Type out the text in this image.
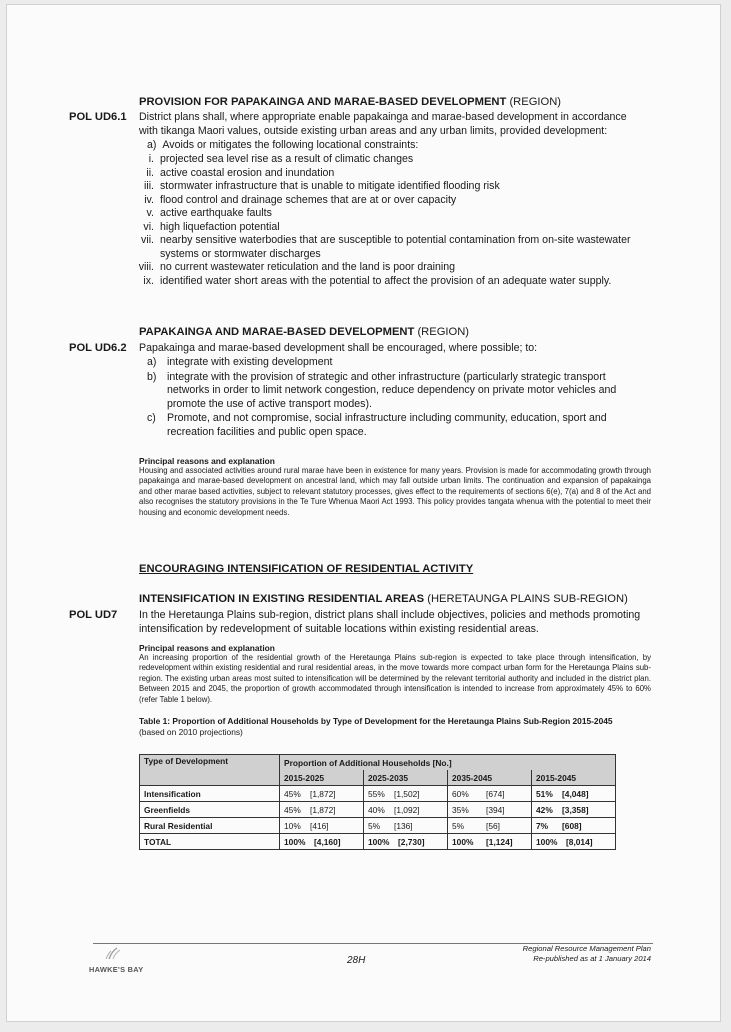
PROVISION FOR PAPAKAINGA AND MARAE-BASED DEVELOPMENT (REGION)
POL UD6.1 District plans shall, where appropriate enable papakainga and marae-based development in accordance
with tikanga Maori values, outside existing urban areas and any urban limits, provided development:
a) Avoids or mitigates the following locational constraints:
i. projected sea level rise as a result of climatic changes
ii. active coastal erosion and inundation
iii. stormwater infrastructure that is unable to mitigate identified flooding risk
iv. flood control and drainage schemes that are at or over capacity
v. active earthquake faults
vi. high liquefaction potential
vii. nearby sensitive waterbodies that are susceptible to potential contamination from on-site wastewater
systems or stormwater discharges
viii. no current wastewater reticulation and the land is poor draining
ix. identified water short areas with the potential to affect the provision of an adequate water supply.
PAPAKAINGA AND MARAE-BASED DEVELOPMENT (REGION)
POL UD6.2 Papakainga and marae-based development shall be encouraged, where possible; to:
a) integrate with existing development
b) integrate with the provision of strategic and other infrastructure (particularly strategic transport
networks in order to limit network congestion, reduce dependency on private motor vehicles and
promote the use of active transport modes).
c)	Promote, and not compromise, social infrastructure including community, education, sport and
recreation facilities and public open space.
Principal reasons and explanation
Housing and associated activities around rural marae have been in existence for many years. Provision is made for accommodating growth through papakainga and marae-based development on ancestral land, which may fall outside urban limits. The continuation and expansion of papakainga and other marae based activities, subject to relevant statutory processes, gives effect to the requirements of sections 6(e), 7(a) and 8 of the Act and also recognises the statutory provisions in the Te Ture Whenua Maori Act 1993. This policy provides tangata whenua with the potential to meet their housing and economic development needs.
ENCOURAGING INTENSIFICATION OF RESIDENTIAL ACTIVITY
INTENSIFICATION IN EXISTING RESIDENTIAL AREAS (HERETAUNGA PLAINS SUB-REGION)
POL UD7 In the Heretaunga Plains sub-region, district plans shall include objectives, policies and methods promoting
intensification by redevelopment of suitable locations within existing residential areas.
Principal reasons and explanation
An increasing proportion of the residential growth of the Heretaunga Plains sub-region is expected to take place through intensification, by redevelopment within existing residential and rural residential areas, in the move towards more compact urban form for the Heretaunga Plains sub-region. The existing urban areas most suited to intensification will be determined by the relevant territorial authority and included in the district plan. Between 2015 and 2045, the proportion of growth accommodated through intensification is intended to increase from approximately 45% to 60% (refer Table 1 below).
Table 1: Proportion of Additional Households by Type of Development for the Heretaunga Plains Sub-Region 2015-2045
(based on 2010 projections)
Type of Development	Proportion of Additional Households [No.]			
	2015-2025	2025-2035	2035-2045	2015-2045
Intensification	45% [1,872]	55% [1,502]	60% [674]	51% [4,048]
Greenfields	45% [1,872]	40% [1,092]	35% [394]	42% [3,358]
Rural Residential	10% [416]	5% [136]	5% [56]	7% [608]
TOTAL	100% [4,160]	100% [2,730]	100% [1,124]	100% [8,014]
HAWKE'S BAY
28H
Regional Resource Management Plan
Re-published as at 1 January 2014
